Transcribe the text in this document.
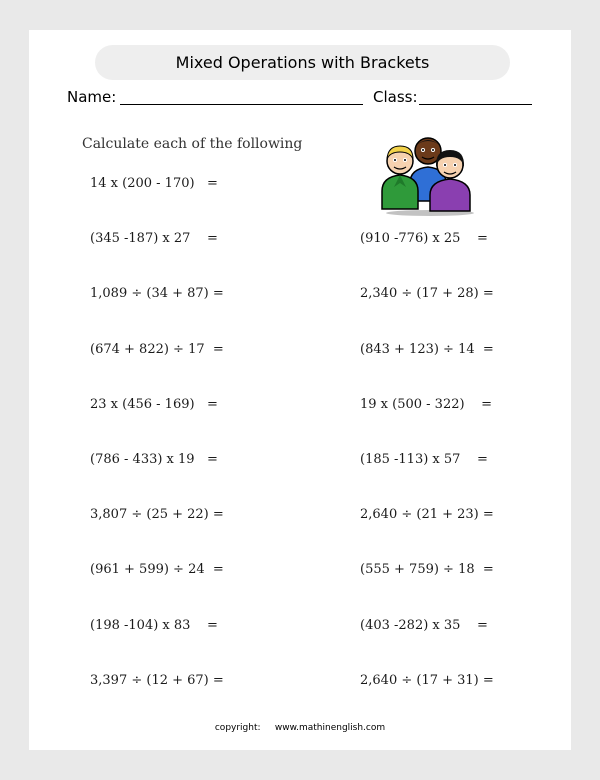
Mixed Operations with Brackets
Name:	Class:
Calculate each of the following
14 x (200 - 170)   =
(345 -187) x 27    =
1,089 ÷ (34 + 87) =
(674 + 822) ÷ 17  =
23 x (456 - 169)   =
(786 - 433) x 19   =
3,807 ÷ (25 + 22) =
(961 + 599) ÷ 24  =
(198 -104) x 83    =
3,397 ÷ (12 + 67) =
(910 -776) x 25    =
2,340 ÷ (17 + 28) =
(843 + 123) ÷ 14  =
19 x (500 - 322)    =
(185 -113) x 57    =
2,640 ÷ (21 + 23) =
(555 + 759) ÷ 18  =
(403 -282) x 35    =
2,640 ÷ (17 + 31) =
copyright: www.mathinenglish.com
